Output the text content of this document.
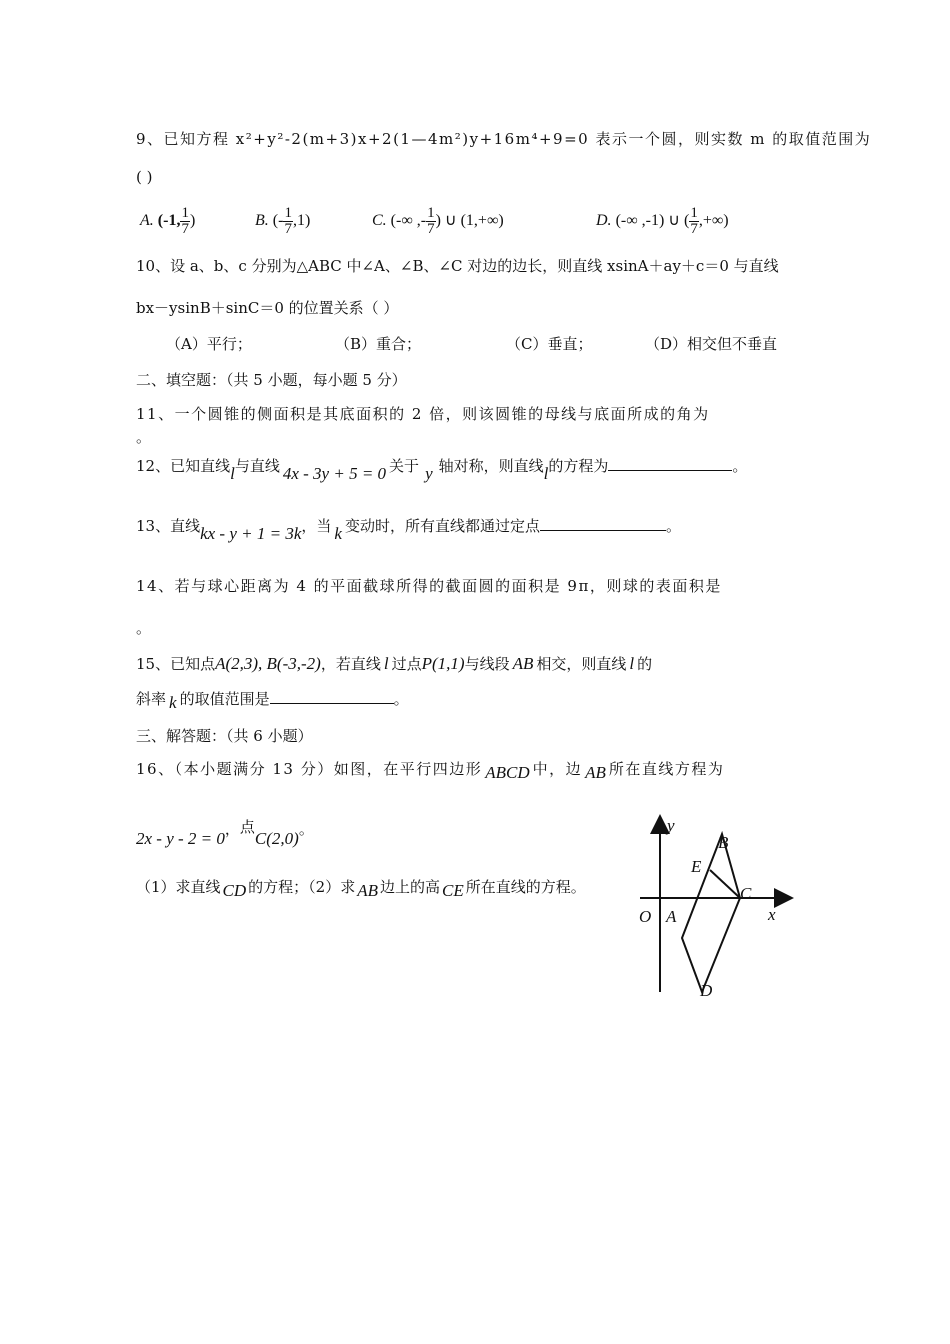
9、已知方程 x²+y²-2(m+3)x+2(1—4m²)y+16m⁴+9=0 表示一个圆，则实数 m 的取值范围为
( )
A. (-1, $\frac{1}{7}$ )	B. (- $\frac{1}{7} ,1$)	C. (-∞ ,- $\frac{1}{7}$ ) ∪ (1,+∞)	D. (-∞ ,-1) ∪ ( $\frac{1}{7}$ ,+∞)
10、设 a、b、c 分别为△ABC 中∠A、∠B、∠C 对边的边长，则直线 xsinA＋ay＋c＝0 与直线
bx－ysinB＋sinC＝0 的位置关系（ ）
（A）平行；	（B）重合；	（C）垂直；	（D）相交但不垂直
二、填空题：（共 5 小题，每小题 5 分）
11、一个圆锥的侧面积是其底面积的 2 倍，则该圆锥的母线与底面所成的角为
。
12、已知直线l与直线 4x - 3y + 5 = 0 关于 y 轴对称，则直线l的方程为	。
13、直线kx - y + 1 = 3k，当 k 变动时，所有直线都通过定点	。
14、若与球心距离为 4 的平面截球所得的截面圆的面积是 9π，则球的表面积是
。
15、已知点A(2,3), B(-3,-2)，若直线 l 过点P(1,1)与线段 AB 相交，则直线 l 的
斜率 k 的取值范围是	。
三、解答题：（共 6 小题）
16、（本小题满分 13 分）如图，在平行四边形 ABCD 中，边 AB 所在直线方程为
2x - y - 2 = 0，点C(2,0)。
（1）求直线 CD 的方程；（2）求 AB 边上的高 CE 所在直线的方程。
y
x
O A
B
C
D
E
